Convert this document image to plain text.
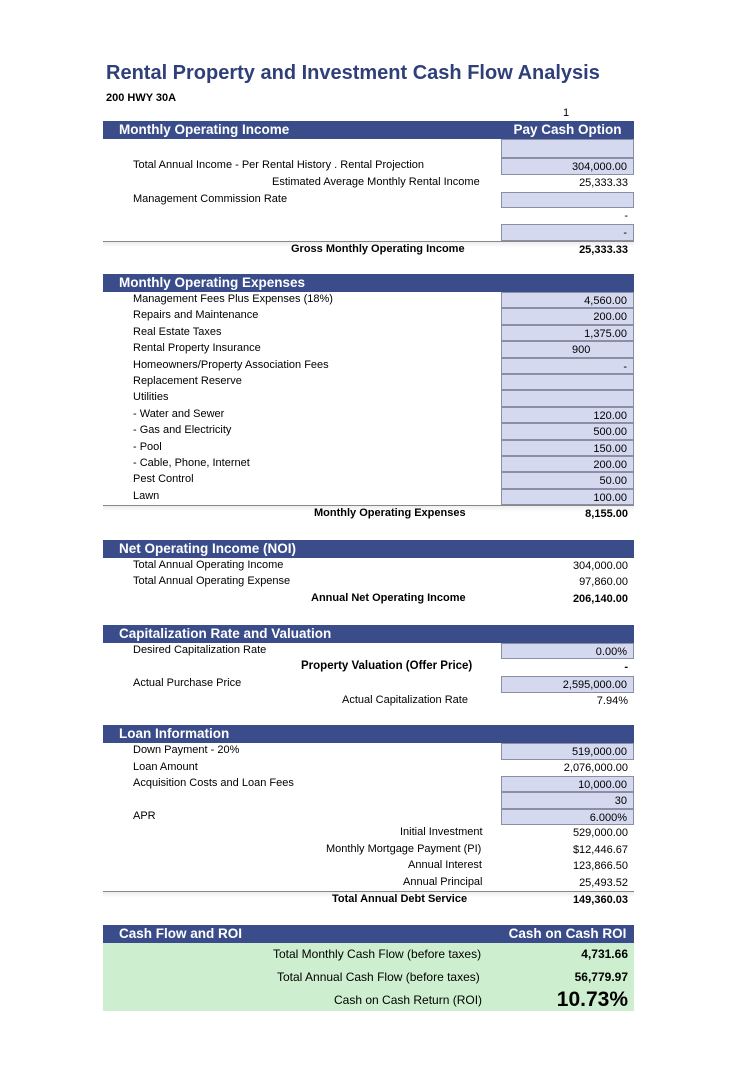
Rental Property and Investment Cash Flow Analysis
200 HWY 30A
1
Monthly Operating Income	Pay Cash Option
Total Annual Income - Per Rental History . Rental Projection	304,000.00
Estimated Average Monthly Rental Income	25,333.33
Management Commission Rate
-
-
Gross Monthly Operating Income	25,333.33
Monthly Operating Expenses
Management Fees Plus Expenses (18%)	4,560.00
Repairs and Maintenance	200.00
Real Estate Taxes	1,375.00
Rental Property Insurance	900
Homeowners/Property Association Fees	-
Replacement Reserve
Utilities
- Water and Sewer	120.00
- Gas and Electricity	500.00
- Pool	150.00
- Cable, Phone, Internet	200.00
Pest Control	50.00
Lawn	100.00
Monthly Operating Expenses	8,155.00
Net Operating Income (NOI)
Total Annual Operating Income	304,000.00
Total Annual Operating Expense	97,860.00
Annual Net Operating Income	206,140.00
Capitalization Rate and Valuation
Desired Capitalization Rate	0.00%
Property Valuation (Offer Price)	-
Actual Purchase Price	2,595,000.00
Actual Capitalization Rate	7.94%
Loan Information
Down Payment - 20%	519,000.00
Loan Amount	2,076,000.00
Acquisition Costs and Loan Fees	10,000.00
30
APR	6.000%
Initial Investment	529,000.00
Monthly Mortgage Payment (PI)	$12,446.67
Annual Interest	123,866.50
Annual Principal	25,493.52
Total Annual Debt Service	149,360.03
Cash Flow and ROI	Cash on Cash ROI
Total Monthly Cash Flow (before taxes)	4,731.66
Total Annual Cash Flow (before taxes)	56,779.97
Cash on Cash Return (ROI)	10.73%
